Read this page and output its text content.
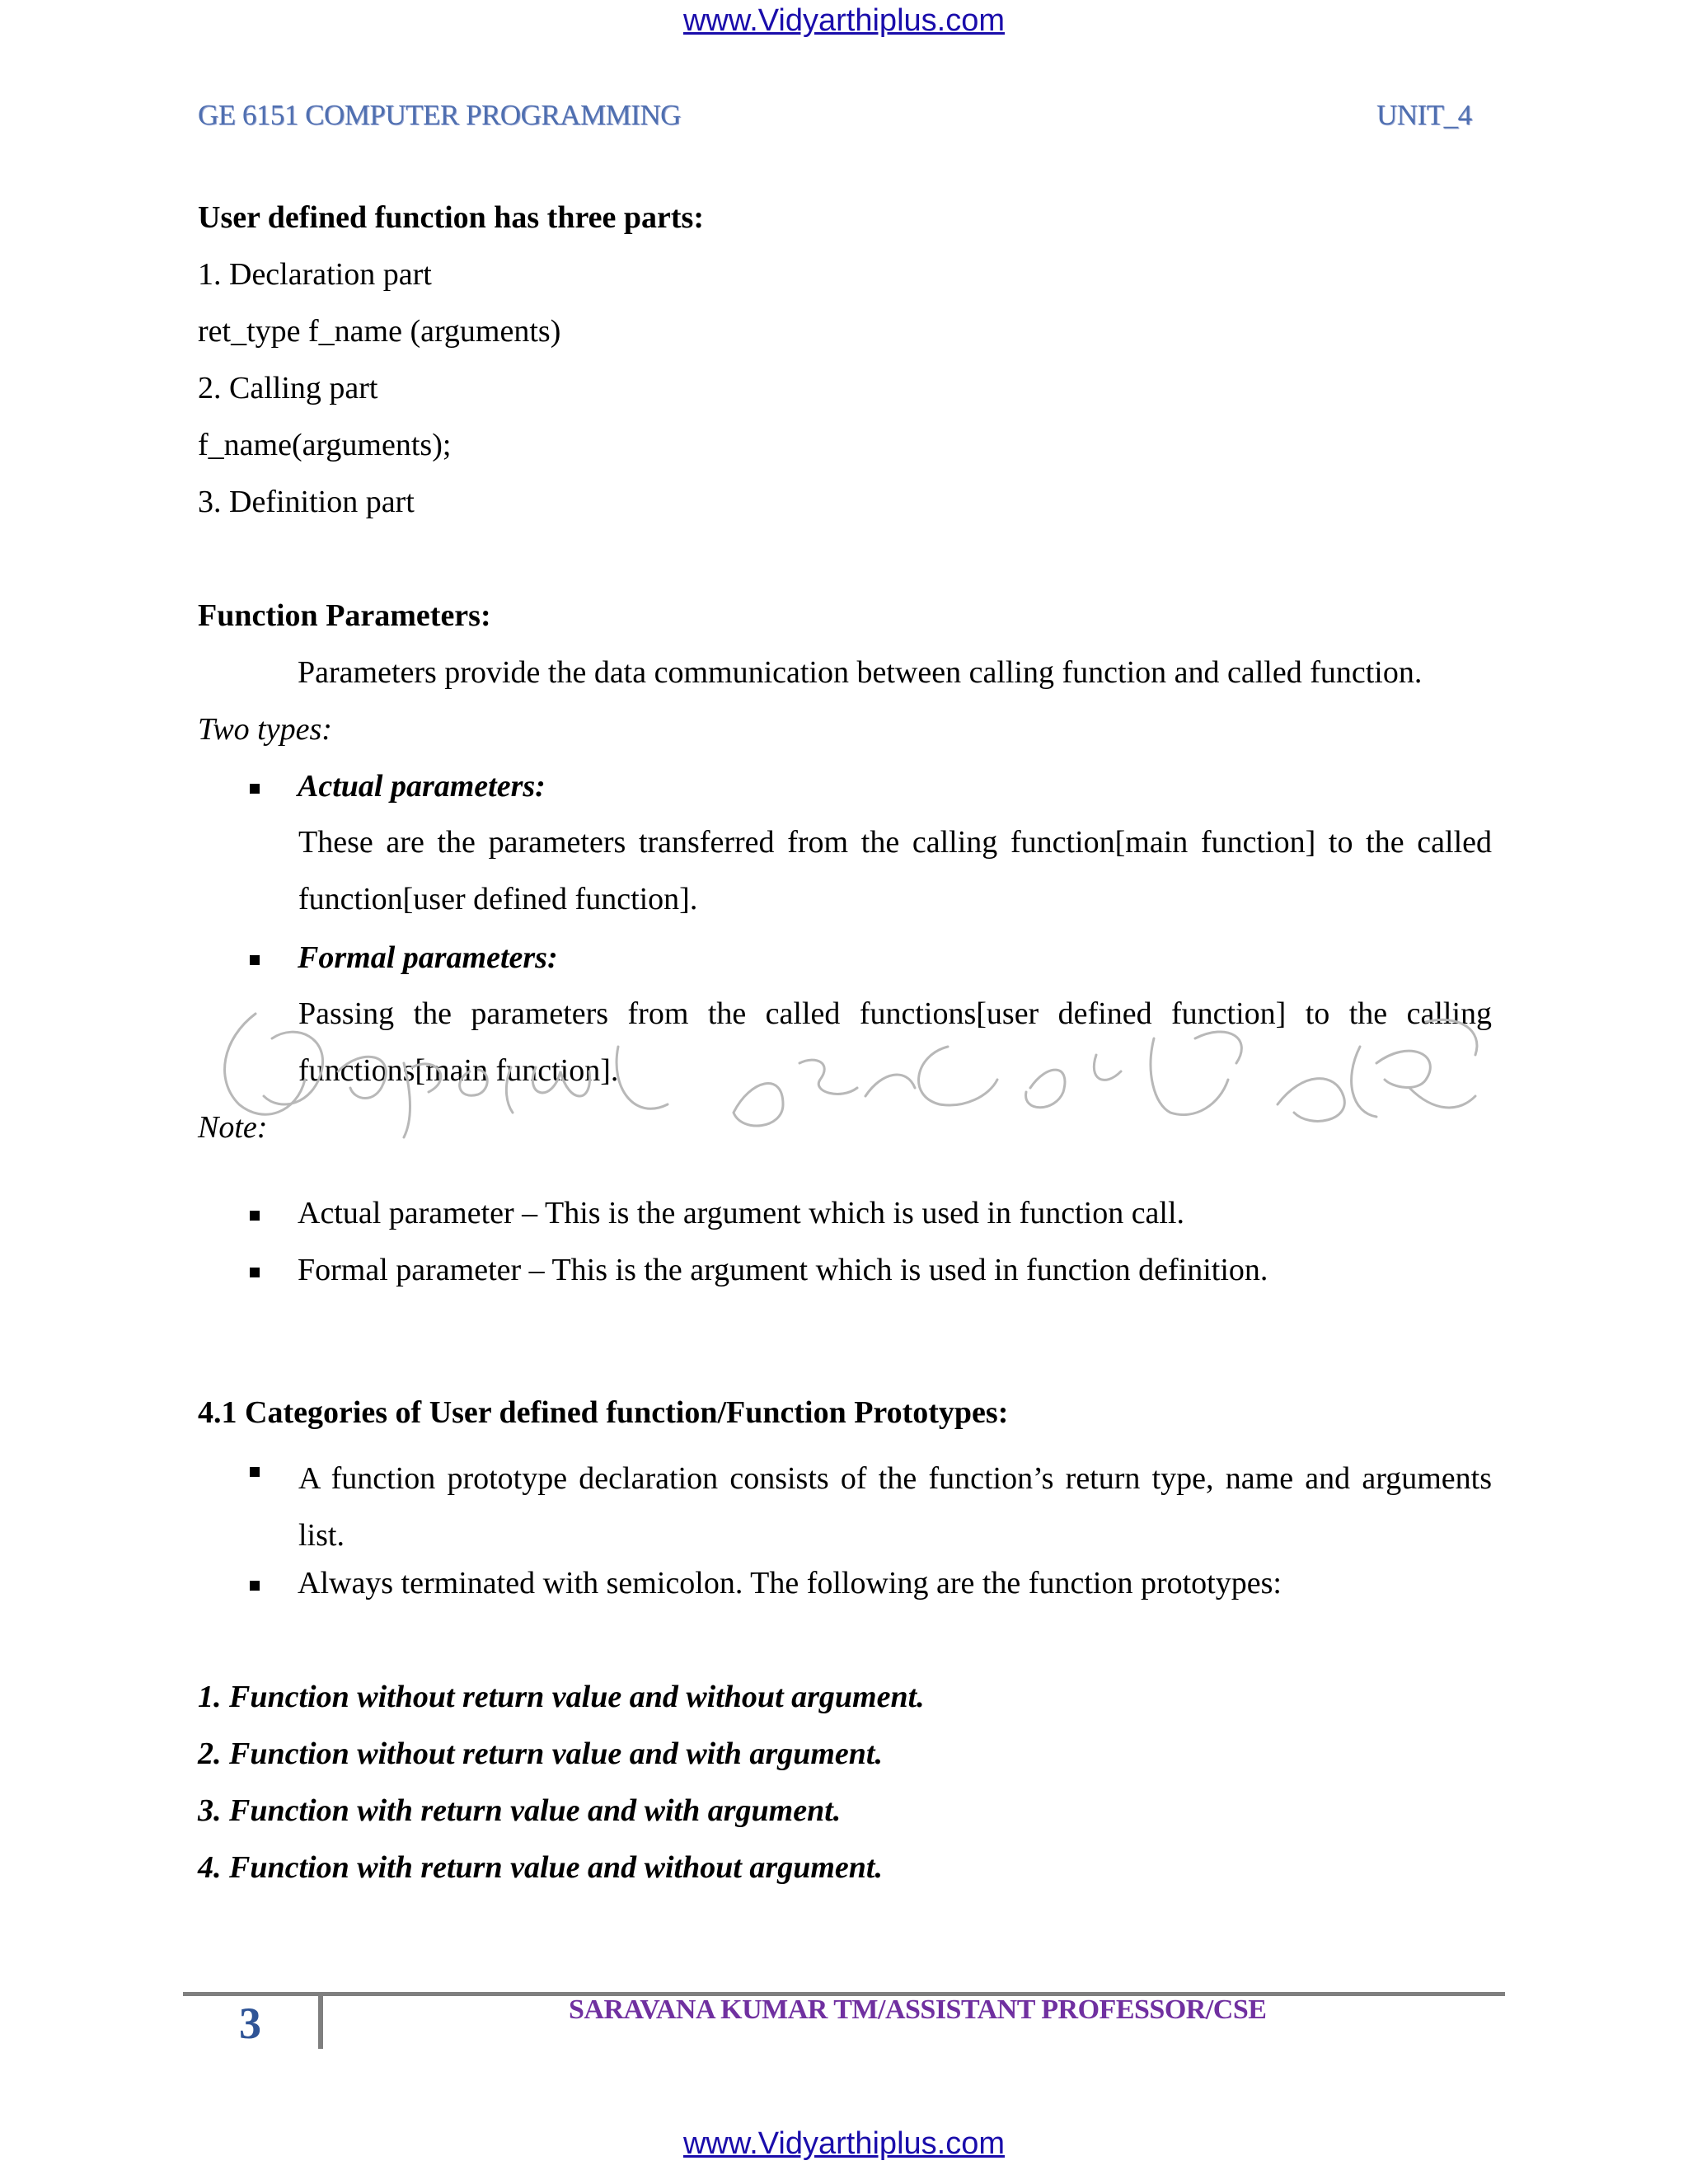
www.Vidyarthiplus.com
GE 6151 COMPUTER PROGRAMMING	UNIT_4
User defined function has three parts:
1. Declaration part
ret_type f_name (arguments)
2. Calling part
f_name(arguments);
3. Definition part
Function Parameters:
Parameters provide the data communication between calling function and called function.
Two types:
Actual parameters:
These are the parameters transferred from the calling function[main function] to the called function[user defined function].
Formal parameters:
Passing the parameters from the called functions[user defined function] to the calling functions[main function].
Note:
Actual parameter – This is the argument which is used in function call.
Formal parameter – This is the argument which is used in function definition.
4.1 Categories of User defined function/Function Prototypes:
A function prototype declaration consists of the function’s return type, name and arguments list.
Always terminated with semicolon. The following are the function prototypes:
1. Function without return value and without argument.
2. Function without return value and with argument.
3. Function with return value and with argument.
4. Function with return value and without argument.
3	SARAVANA KUMAR TM/ASSISTANT PROFESSOR/CSE
www.Vidyarthiplus.com
